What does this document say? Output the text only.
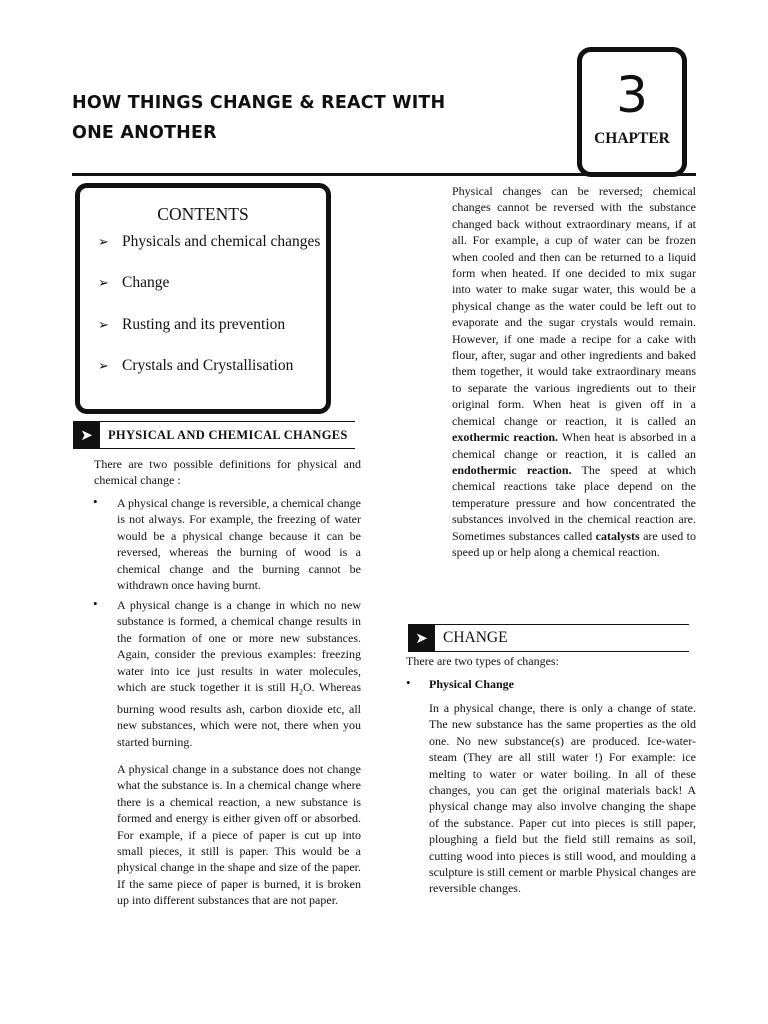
HOW THINGS CHANGE & REACT WITH
ONE ANOTHER
3
CHAPTER
CONTENTS
➢ Physicals and chemical changes
➢ Change
➢ Rusting and its prevention
➢ Crystals and Crystallisation
➤	PHYSICAL AND CHEMICAL CHANGES
There are two possible definitions for physical and chemical change :
• A physical change is reversible, a chemical change is not always. For example, the freezing of water would be a physical change because it can be reversed, whereas the burning of wood is a chemical change and the burning cannot be withdrawn once having burnt.
• A physical change is a change in which no new substance is formed, a chemical change results in the formation of one or more new substances. Again, consider the previous examples: freezing water into ice just results in water molecules, which are stuck together it is still $H_2O$. Whereas burning wood results ash, carbon dioxide etc, all new substances, which were not, there when you started burning.
A physical change in a substance does not change what the substance is. In a chemical change where there is a chemical reaction, a new substance is formed and energy is either given off or absorbed. For example, if a piece of paper is cut up into small pieces, it still is paper. This would be a physical change in the shape and size of the paper. If the same piece of paper is burned, it is broken up into different substances that are not paper.
Physical changes can be reversed; chemical changes cannot be reversed with the substance changed back without extraordinary means, if at all. For example, a cup of water can be frozen when cooled and then can be returned to a liquid form when heated. If one decided to mix sugar into water to make sugar water, this would be a physical change as the water could be left out to evaporate and the sugar crystals would remain. However, if one made a recipe for a cake with flour, after, sugar and other ingredients and baked them together, it would take extraordinary means to separate the various ingredients out to their original form. When heat is given off in a chemical change or reaction, it is called an exothermic reaction. When heat is absorbed in a chemical change or reaction, it is called an endothermic reaction. The speed at which chemical reactions take place depend on the temperature pressure and how concentrated the substances involved in the chemical reaction are. Sometimes substances called catalysts are used to speed up or help along a chemical reaction.
➤ CHANGE
There are two types of changes:
• Physical Change
In a physical change, there is only a change of state. The new substance has the same properties as the old one. No new substance(s) are produced. Ice-water-steam (They are all still water !) For example: ice melting to water or water boiling. In all of these changes, you can get the original materials back! A physical change may also involve changing the shape of the substance. Paper cut into pieces is still paper, ploughing a field but the field still remains as soil, cutting wood into pieces is still wood, and moulding a sculpture is still cement or marble Physical changes are reversible changes.
